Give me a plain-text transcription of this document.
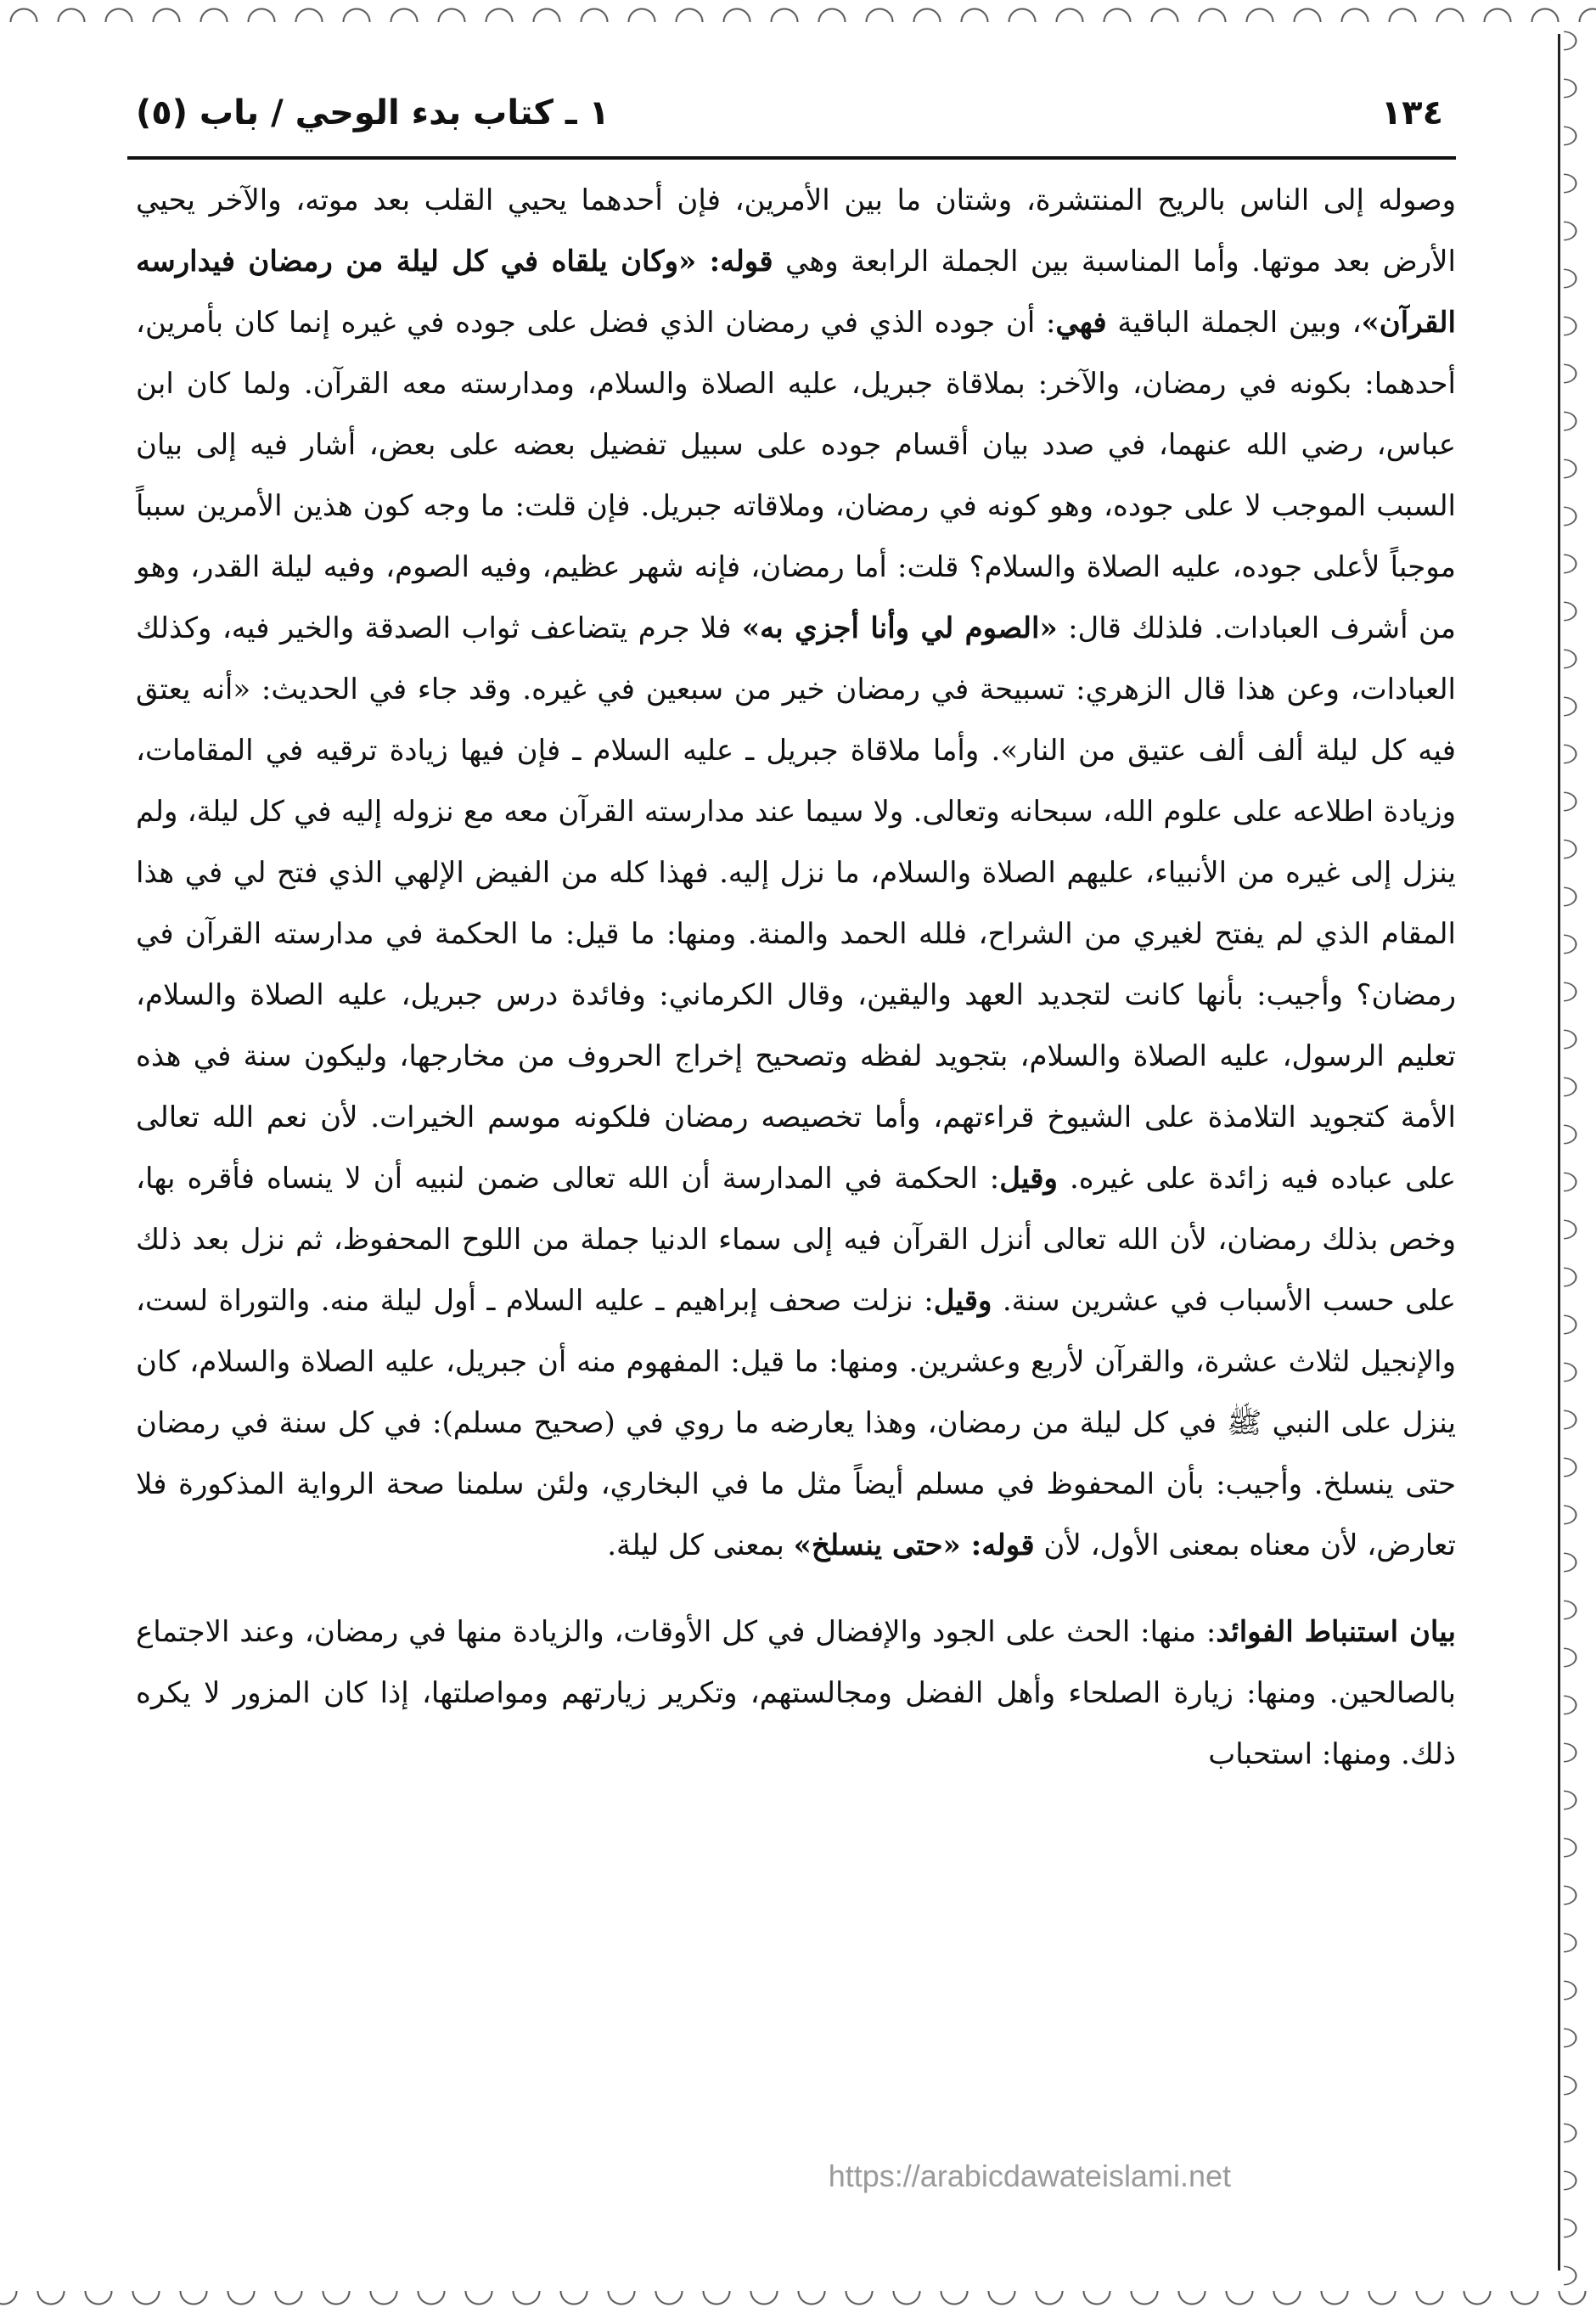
١٣٤
١ ـ كتاب بدء الوحي / باب (٥)

وصوله إلى الناس بالريح المنتشرة، وشتان ما بين الأمرين، فإن أحدهما يحيي القلب بعد موته، والآخر يحيي الأرض بعد موتها. وأما المناسبة بين الجملة الرابعة وهي قوله: «وكان يلقاه في كل ليلة من رمضان فيدارسه القرآن»، وبين الجملة الباقية فهي: أن جوده الذي في رمضان الذي فضل على جوده في غيره إنما كان بأمرين، أحدهما: بكونه في رمضان، والآخر: بملاقاة جبريل، عليه الصلاة والسلام، ومدارسته معه القرآن. ولما كان ابن عباس، رضي الله عنهما، في صدد بيان أقسام جوده على سبيل تفضيل بعضه على بعض، أشار فيه إلى بيان السبب الموجب لا على جوده، وهو كونه في رمضان، وملاقاته جبريل. فإن قلت: ما وجه كون هذين الأمرين سبباً موجباً لأعلى جوده، عليه الصلاة والسلام؟ قلت: أما رمضان، فإنه شهر عظيم، وفيه الصوم، وفيه ليلة القدر، وهو من أشرف العبادات. فلذلك قال: «الصوم لي وأنا أجزي به» فلا جرم يتضاعف ثواب الصدقة والخير فيه، وكذلك العبادات، وعن هذا قال الزهري: تسبيحة في رمضان خير من سبعين في غيره. وقد جاء في الحديث: «أنه يعتق فيه كل ليلة ألف ألف عتيق من النار». وأما ملاقاة جبريل ـ عليه السلام ـ فإن فيها زيادة ترقيه في المقامات، وزيادة اطلاعه على علوم الله، سبحانه وتعالى. ولا سيما عند مدارسته القرآن معه مع نزوله إليه في كل ليلة، ولم ينزل إلى غيره من الأنبياء، عليهم الصلاة والسلام، ما نزل إليه. فهذا كله من الفيض الإلهي الذي فتح لي في هذا المقام الذي لم يفتح لغيري من الشراح، فلله الحمد والمنة. ومنها: ما قيل: ما الحكمة في مدارسته القرآن في رمضان؟ وأجيب: بأنها كانت لتجديد العهد واليقين، وقال الكرماني: وفائدة درس جبريل، عليه الصلاة والسلام، تعليم الرسول، عليه الصلاة والسلام، بتجويد لفظه وتصحيح إخراج الحروف من مخارجها، وليكون سنة في هذه الأمة كتجويد التلامذة على الشيوخ قراءتهم، وأما تخصيصه رمضان فلكونه موسم الخيرات. لأن نعم الله تعالى على عباده فيه زائدة على غيره. وقيل: الحكمة في المدارسة أن الله تعالى ضمن لنبيه أن لا ينساه فأقره بها، وخص بذلك رمضان، لأن الله تعالى أنزل القرآن فيه إلى سماء الدنيا جملة من اللوح المحفوظ، ثم نزل بعد ذلك على حسب الأسباب في عشرين سنة. وقيل: نزلت صحف إبراهيم ـ عليه السلام ـ أول ليلة منه. والتوراة لست، والإنجيل لثلاث عشرة، والقرآن لأربع وعشرين. ومنها: ما قيل: المفهوم منه أن جبريل، عليه الصلاة والسلام، كان ينزل على النبي ﷺ في كل ليلة من رمضان، وهذا يعارضه ما روي في (صحيح مسلم): في كل سنة في رمضان حتى ينسلخ. وأجيب: بأن المحفوظ في مسلم أيضاً مثل ما في البخاري، ولئن سلمنا صحة الرواية المذكورة فلا تعارض، لأن معناه بمعنى الأول، لأن قوله: «حتى ينسلخ» بمعنى كل ليلة.

بيان استنباط الفوائد: منها: الحث على الجود والإفضال في كل الأوقات، والزيادة منها في رمضان، وعند الاجتماع بالصالحين. ومنها: زيارة الصلحاء وأهل الفضل ومجالستهم، وتكرير زيارتهم ومواصلتها، إذا كان المزور لا يكره ذلك. ومنها: استحباب

https://arabicdawateislami.net
